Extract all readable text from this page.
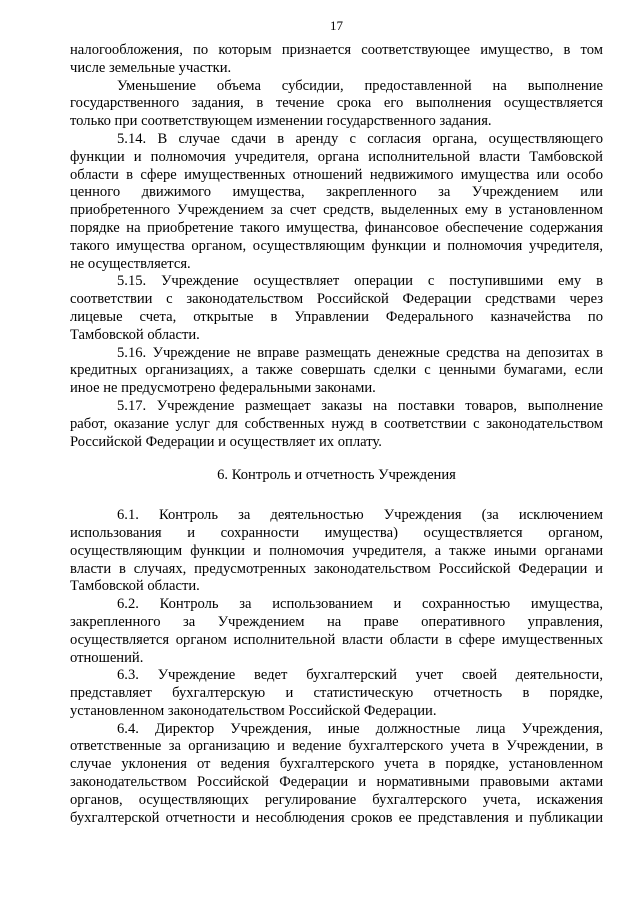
17
налогообложения, по которым признается соответствующее имущество, в том
числе земельные участки.
Уменьшение объема субсидии, предоставленной на выполнение
государственного задания, в течение срока его выполнения осуществляется
только при соответствующем изменении государственного задания.
5.14. В случае сдачи в аренду с согласия органа, осуществляющего
функции и полномочия учредителя, органа исполнительной власти Тамбовской
области в сфере имущественных отношений недвижимого имущества или особо
ценного движимого имущества, закрепленного за Учреждением или
приобретенного Учреждением за счет средств, выделенных ему в установленном
порядке на приобретение такого имущества, финансовое обеспечение содержания
такого имущества органом, осуществляющим функции и полномочия учредителя,
не осуществляется.
5.15. Учреждение осуществляет операции с поступившими ему в
соответствии с законодательством Российской Федерации средствами через
лицевые счета, открытые в Управлении Федерального казначейства по
Тамбовской области.
5.16. Учреждение не вправе размещать денежные средства на депозитах в
кредитных организациях, а также совершать сделки с ценными бумагами, если
иное не предусмотрено федеральными законами.
5.17. Учреждение размещает заказы на поставки товаров, выполнение
работ, оказание услуг для собственных нужд в соответствии с законодательством
Российской Федерации и осуществляет их оплату.
6. Контроль и отчетность Учреждения
6.1. Контроль за деятельностью Учреждения (за исключением
использования и сохранности имущества) осуществляется органом,
осуществляющим функции и полномочия учредителя, а также иными органами
власти в случаях, предусмотренных законодательством Российской Федерации и
Тамбовской области.
6.2. Контроль за использованием и сохранностью имущества,
закрепленного за Учреждением на праве оперативного управления,
осуществляется органом исполнительной власти области в сфере имущественных
отношений.
6.3. Учреждение ведет бухгалтерский учет своей деятельности,
представляет бухгалтерскую и статистическую отчетность в порядке,
установленном законодательством Российской Федерации.
6.4. Директор Учреждения, иные должностные лица Учреждения,
ответственные за организацию и ведение бухгалтерского учета в Учреждении, в
случае уклонения от ведения бухгалтерского учета в порядке, установленном
законодательством Российской Федерации и нормативными правовыми актами
органов, осуществляющих регулирование бухгалтерского учета, искажения
бухгалтерской отчетности и несоблюдения сроков ее представления и публикации
